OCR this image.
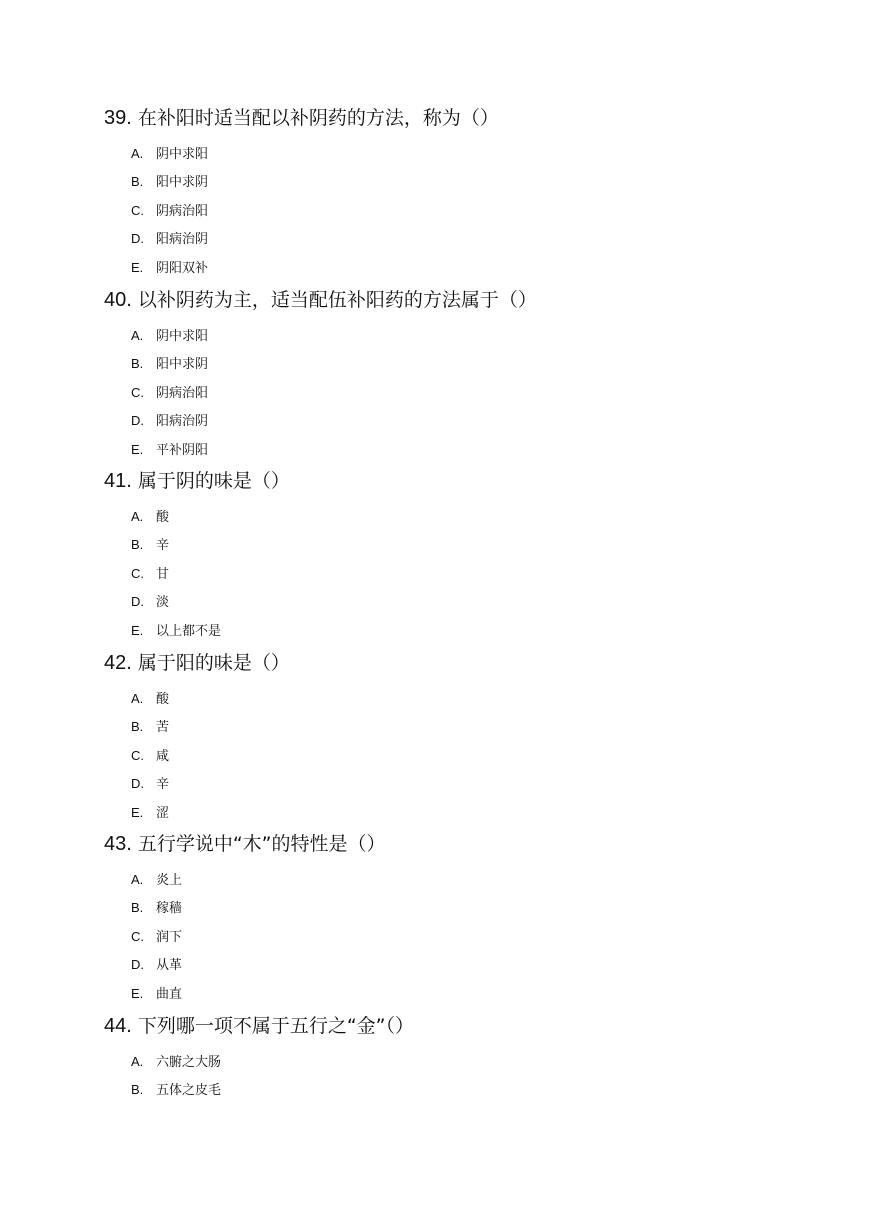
39. 在补阳时适当配以补阴药的方法，称为（）
A. 阴中求阳
B. 阳中求阴
C. 阴病治阳
D. 阳病治阴
E. 阴阳双补
40. 以补阴药为主，适当配伍补阳药的方法属于（）
A. 阴中求阳
B. 阳中求阴
C. 阴病治阳
D. 阳病治阴
E. 平补阴阳
41. 属于阴的味是（）
A. 酸
B. 辛
C. 甘
D. 淡
E. 以上都不是
42. 属于阳的味是（）
A. 酸
B. 苦
C. 咸
D. 辛
E. 涩
43. 五行学说中“木”的特性是（）
A. 炎上
B. 稼穑
C. 润下
D. 从革
E. 曲直
44. 下列哪一项不属于五行之“金”（）
A. 六腑之大肠
B. 五体之皮毛
